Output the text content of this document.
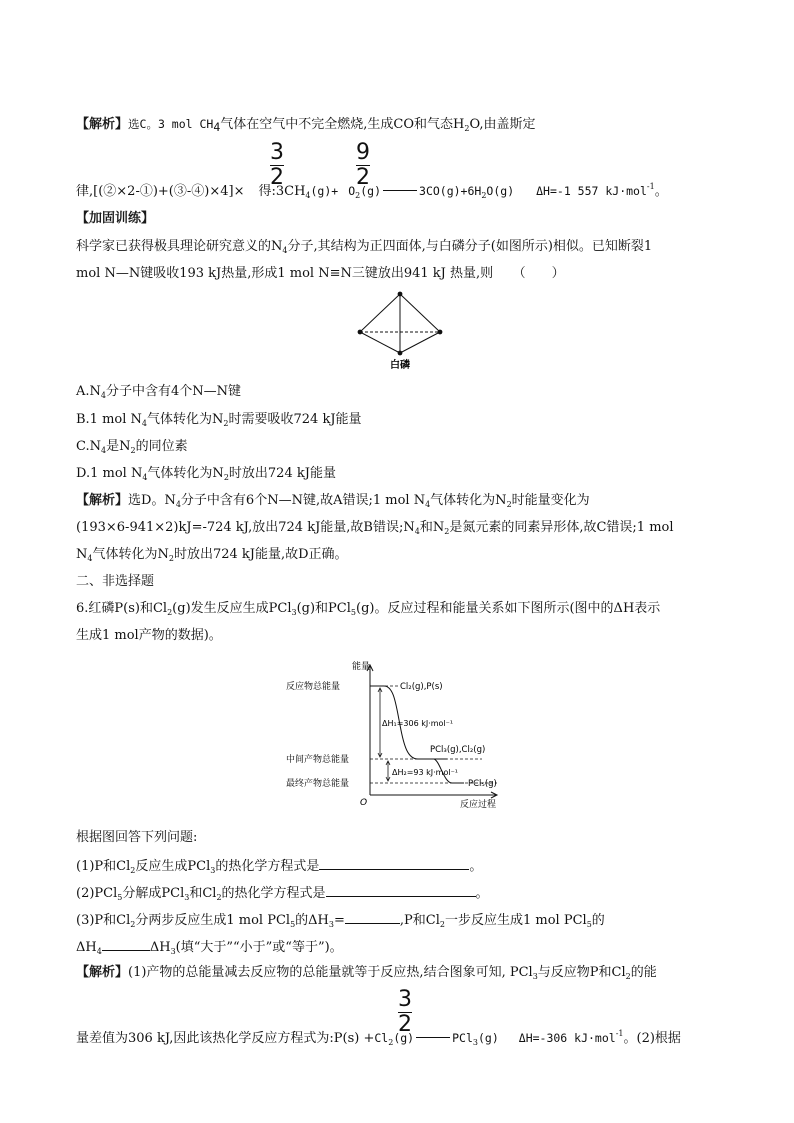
【解析】选C。3 mol $CH_4$气体在空气中不完全燃烧,生成CO和气态$H_2O$,由盖斯定
3
2
9
2
律,[(②×2-①)+(③-④)×4]× 得$:3CH_4(g)+ O_2(g)$	$3CO(g)+6H_2O(g)$ ΔH=-1 557 kJ·mol$^{-1}$。
【加固训练】
科学家已获得极具理论研究意义的$N_4$分子,其结构为正四面体,与白磷分子(如图所示)相似。已知断裂1
mol N—N键吸收193 kJ热量,形成1 mol N≡N三键放出941 kJ 热量,则　　（　　）
白磷
$A.N_4$分子中含有4个N—N键
B.1 mol $N_4$气体转化为$N_2$时需要吸收724 kJ能量
$C.N_4$是$N_2$的同位素
D.1 mol $N_4$气体转化为$N_2$时放出724 kJ能量
【解析】选D。$N_4$分子中含有6个N—N键,故A错误;1 mol $N_4$气体转化为$N_2$时能量变化为
(193×6-941×2)kJ=-724 kJ,放出724 kJ能量,故B错误$;N_4$和$N_2$是氮元素的同素异形体,故C错误;1 mol
$N_4$气体转化为$N_2$时放出724 kJ能量,故D正确。
二、非选择题
6.红磷P(s)和$Cl_2(g)$发生反应生成PCl$_3$(g)和PCl$_5$(g)。反应过程和能量关系如下图所示(图中的ΔH表示
生成1 mol产物的数据)。
能量
反应物总能量
中间产物总能量
最终产物总能量
Cl₂(g),P(s)
PCl₃(g),Cl₂(g)
PCl₅(g)
ΔH₁=306 kJ·mol⁻¹
ΔH₂=93 kJ·mol⁻¹
O	反应过程
根据图回答下列问题:
(1)P和$Cl_2$反应生成PCl$_3$的热化学方程式是	。
(2)PCl$_5$分解成PCl$_3$和$Cl_2$的热化学方程式是	。
(3)P和$Cl_2$分两步反应生成1 mol PCl$_5$的$\Delta H_3=$	,P和$Cl_2$一步反应生成1 mol PCl$_5$的
$\Delta H_4$	$\Delta H_3$(填“大于”“小于”或“等于”)。
【解析】(1)产物的总能量减去反应物的总能量就等于反应热,结合图象可知, PCl$_3$与反应物P和$Cl_2$的能
3
2
量差值为306 kJ,因此该热化学反应方程式为:P(s) $+Cl_2(g)$	PCl$_3$(g) ΔH=-306 kJ·mol$^{-1}$。(2)根据
